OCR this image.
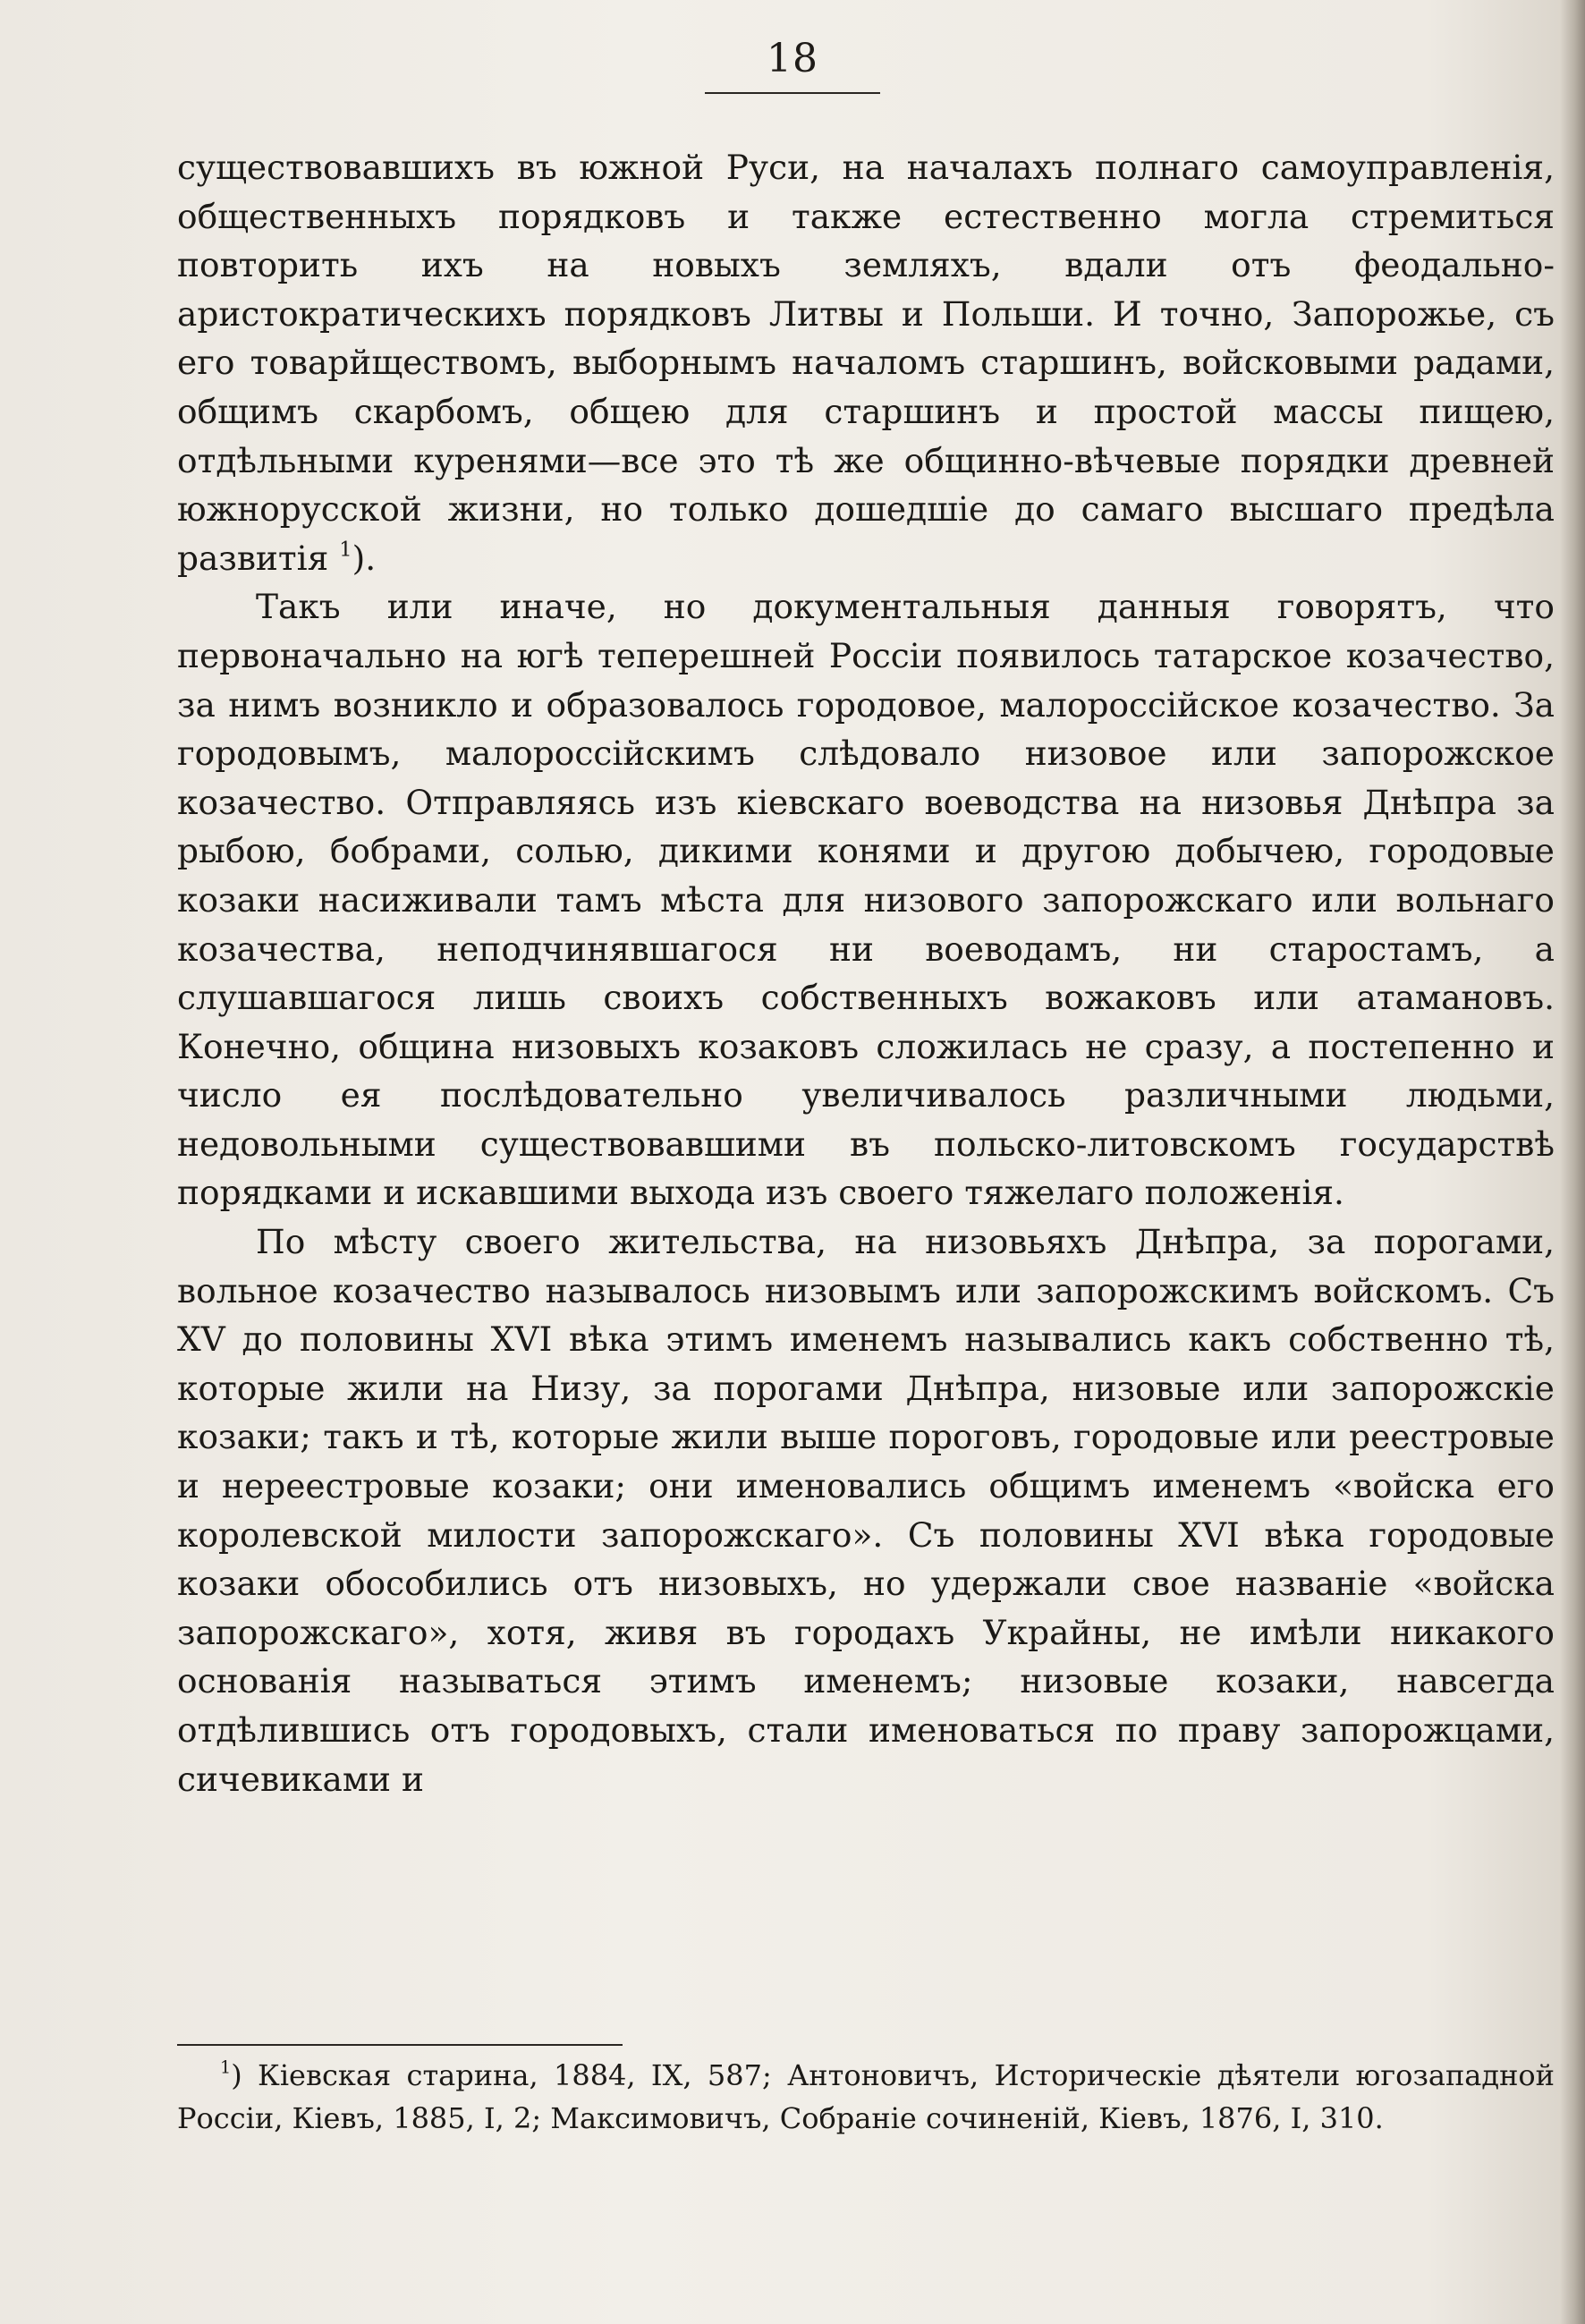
18

существовавшихъ въ южной Руси, на началахъ полнаго самоуправленія, общественныхъ порядковъ и также естественно могла стремиться повторить ихъ на новыхъ земляхъ, вдали отъ феодально-аристократическихъ порядковъ Литвы и Польши. И точно, Запорожье, съ его товарйществомъ, выборнымъ началомъ старшинъ, войсковыми радами, общимъ скарбомъ, общею для старшинъ и простой массы пищею, отдѣльными куренями—все это тѣ же общинно-вѣчевые порядки древней южнорусской жизни, но только дошедшіе до самаго высшаго предѣла развитія $^1$).

Такъ или иначе, но документальныя данныя говорятъ, что первоначально на югѣ теперешней Россіи появилось татарское козачество, за нимъ возникло и образовалось городовое, малороссійское козачество. За городовымъ, малороссійскимъ слѣдовало низовое или запорожское козачество. Отправляясь изъ кіевскаго воеводства на низовья Днѣпра за рыбою, бобрами, солью, дикими конями и другою добычею, городовые козаки насиживали тамъ мѣста для низового запорожскаго или вольнаго козачества, неподчинявшагося ни воеводамъ, ни старостамъ, а слушавшагося лишь своихъ собственныхъ вожаковъ или атамановъ. Конечно, община низовыхъ козаковъ сложилась не сразу, а постепенно и число ея послѣдовательно увеличивалось различными людьми, недовольными существовавшими въ польско-литовскомъ государствѣ порядками и искавшими выхода изъ своего тяжелаго положенія.

По мѣсту своего жительства, на низовьяхъ Днѣпра, за порогами, вольное козачество называлось низовымъ или запорожскимъ войскомъ. Съ XV до половины XVI вѣка этимъ именемъ назывались какъ собственно тѣ, которые жили на Низу, за порогами Днѣпра, низовые или запорожскіе козаки; такъ и тѣ, которые жили выше пороговъ, городовые или реестровые и нереестровые козаки; они именовались общимъ именемъ «войска его королевской милости запорожскаго». Съ половины XVI вѣка городовые козаки обособились отъ низовыхъ, но удержали свое названіе «войска запорожскаго», хотя, живя въ городахъ Украйны, не имѣли никакого основанія называться этимъ именемъ; низовые козаки, навсегда отдѣлившись отъ городовыхъ, стали именоваться по праву запорожцами, сичевиками и

$^1$) Кіевская старина, 1884, IX, 587; Антоновичъ, Историческіе дѣятели югозападной Россіи, Кіевъ, 1885, I, 2; Максимовичъ, Собраніе сочиненій, Кіевъ, 1876, I, 310.
